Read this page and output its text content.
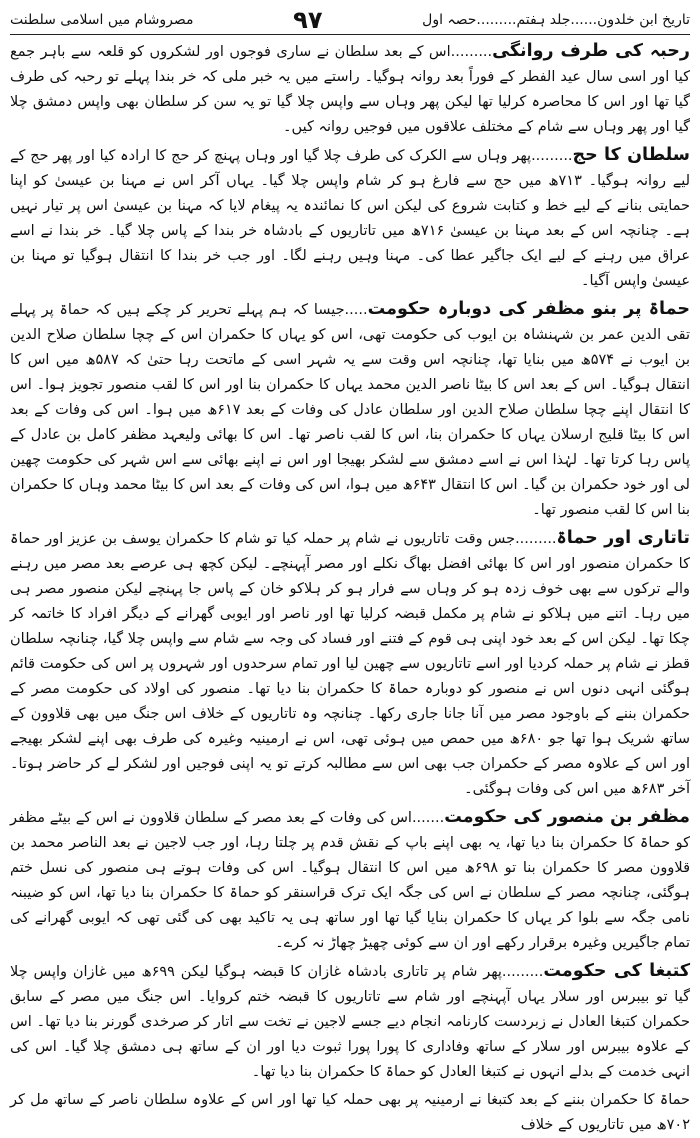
تاریخ ابن خلدون......جلد ہفتم.........حصہ اول
۹۷
مصروشام میں اسلامی سلطنت

رحبہ کی طرف روانگی.........اس کے بعد سلطان نے ساری فوجوں اور لشکروں کو قلعہ سے باہر جمع کیا اور اسی سال عید الفطر کے فوراً بعد روانہ ہوگیا۔ راستے میں یہ خبر ملی کہ خر بندا پہلے تو رحبہ کی طرف گیا تھا اور اس کا محاصرہ کرلیا تھا لیکن پھر وہاں سے واپس چلا گیا تو یہ سن کر سلطان بھی واپس دمشق چلا گیا اور پھر وہاں سے شام کے مختلف علاقوں میں فوجیں روانہ کیں۔

سلطان کا حج.........پھر وہاں سے الکرک کی طرف چلا گیا اور وہاں پہنچ کر حج کا ارادہ کیا اور پھر حج کے لیے روانہ ہوگیا۔ ۷۱۳ھ میں حج سے فارغ ہو کر شام واپس چلا گیا۔ یہاں آکر اس نے مہنا بن عیسیٰ کو اپنا حمایتی بنانے کے لیے خط و کتابت شروع کی لیکن اس کا نمائندہ یہ پیغام لایا کہ مہنا بن عیسیٰ اس پر تیار نہیں ہے۔ چنانچہ اس کے بعد مہنا بن عیسیٰ ۷۱۶ھ میں تاتاریوں کے بادشاہ خر بندا کے پاس چلا گیا۔ خر بندا نے اسے عراق میں رہنے کے لیے ایک جاگیر عطا کی۔ مہنا وہیں رہنے لگا۔ اور جب خر بندا کا انتقال ہوگیا تو مہنا بن عیسیٰ واپس آگیا۔

حماۃ پر بنو مظفر کی دوبارہ حکومت.....جیسا کہ ہم پہلے تحریر کر چکے ہیں کہ حماۃ پر پہلے تقی الدین عمر بن شہنشاہ بن ایوب کی حکومت تھی، اس کو یہاں کا حکمران اس کے چچا سلطان صلاح الدین بن ایوب نے ۵۷۴ھ میں بنایا تھا، چنانچہ اس وقت سے یہ شہر اسی کے ماتحت رہا حتیٰ کہ ۵۸۷ھ میں اس کا انتقال ہوگیا۔ اس کے بعد اس کا بیٹا ناصر الدین محمد یہاں کا حکمران بنا اور اس کا لقب منصور تجویز ہوا۔ اس کا انتقال اپنے چچا سلطان صلاح الدین اور سلطان عادل کی وفات کے بعد ۶۱۷ھ میں ہوا۔ اس کی وفات کے بعد اس کا بیٹا قلیج ارسلان یہاں کا حکمران بنا، اس کا لقب ناصر تھا۔ اس کا بھائی ولیعہد مظفر کامل بن عادل کے پاس رہا کرتا تھا۔ لہٰذا اس نے اسے دمشق سے لشکر بھیجا اور اس نے اپنے بھائی سے اس شہر کی حکومت چھین لی اور خود حکمران بن گیا۔ اس کا انتقال ۶۴۳ھ میں ہوا، اس کی وفات کے بعد اس کا بیٹا محمد وہاں کا حکمران بنا اس کا لقب منصور تھا۔

تاتاری اور حماۃ.........جس وقت تاتاریوں نے شام پر حملہ کیا تو شام کا حکمران یوسف بن عزیز اور حماۃ کا حکمران منصور اور اس کا بھائی افضل بھاگ نکلے اور مصر آپہنچے۔ لیکن کچھ ہی عرصے بعد مصر میں رہنے والے ترکوں سے بھی خوف زدہ ہو کر وہاں سے فرار ہو کر ہلاکو خان کے پاس جا پہنچے لیکن منصور مصر ہی میں رہا۔ اتنے میں ہلاکو نے شام پر مکمل قبضہ کرلیا تھا اور ناصر اور ایوبی گھرانے کے دیگر افراد کا خاتمہ کر چکا تھا۔ لیکن اس کے بعد خود اپنی ہی قوم کے فتنے اور فساد کی وجہ سے شام سے واپس چلا گیا، چنانچہ سلطان قطز نے شام پر حملہ کردیا اور اسے تاتاریوں سے چھین لیا اور تمام سرحدوں اور شہروں پر اس کی حکومت قائم ہوگئی انہی دنوں اس نے منصور کو دوبارہ حماۃ کا حکمران بنا دیا تھا۔ منصور کی اولاد کی حکومت مصر کے حکمران بننے کے باوجود مصر میں آنا جانا جاری رکھا۔ چنانچہ وہ تاتاریوں کے خلاف اس جنگ میں بھی قلاوون کے ساتھ شریک ہوا تھا جو ۶۸۰ھ میں حمص میں ہوئی تھی، اس نے ارمینیہ وغیرہ کی طرف بھی اپنے لشکر بھیجے اور اس کے علاوہ مصر کے حکمران جب بھی اس سے مطالبہ کرتے تو یہ اپنی فوجیں اور لشکر لے کر حاضر ہوتا۔ آخر ۶۸۳ھ میں اس کی وفات ہوگئی۔

مظفر بن منصور کی حکومت.......اس کی وفات کے بعد مصر کے سلطان قلاوون نے اس کے بیٹے مظفر کو حماۃ کا حکمران بنا دیا تھا، یہ بھی اپنے باپ کے نقش قدم پر چلتا رہا، اور جب لاجین نے بعد الناصر محمد بن قلاوون مصر کا حکمران بنا تو ۶۹۸ھ میں اس کا انتقال ہوگیا۔ اس کی وفات ہوتے ہی منصور کی نسل ختم ہوگئی، چنانچہ مصر کے سلطان نے اس کی جگہ ایک ترک قراسنقر کو حماۃ کا حکمران بنا دیا تھا، اس کو ضیبنہ نامی جگہ سے بلوا کر یہاں کا حکمران بنایا گیا تھا اور ساتھ ہی یہ تاکید بھی کی گئی تھی کہ ایوبی گھرانے کی تمام جاگیریں وغیرہ برقرار رکھے اور ان سے کوئی چھیڑ چھاڑ نہ کرے۔

کتبغا کی حکومت.........پھر شام پر تاتاری بادشاہ غازان کا قبضہ ہوگیا لیکن ۶۹۹ھ میں غازان واپس چلا گیا تو بیبرس اور سلار یہاں آپہنچے اور شام سے تاتاریوں کا قبضہ ختم کروایا۔ اس جنگ میں مصر کے سابق حکمران کتبغا العادل نے زبردست کارنامہ انجام دیے جسے لاجین نے تخت سے اتار کر صرخدی گورنر بنا دیا تھا۔ اس کے علاوہ بیبرس اور سلار کے ساتھ وفاداری کا پورا پورا ثبوت دیا اور ان کے ساتھ ہی دمشق چلا گیا۔ اس کی انہی خدمت کے بدلے انہوں نے کتبغا العادل کو حماۃ کا حکمران بنا دیا تھا۔

حماۃ کا حکمران بننے کے بعد کتبغا نے ارمینیہ پر بھی حملہ کیا تھا اور اس کے علاوہ سلطان ناصر کے ساتھ مل کر ۷۰۲ھ میں تاتاریوں کے خلاف
